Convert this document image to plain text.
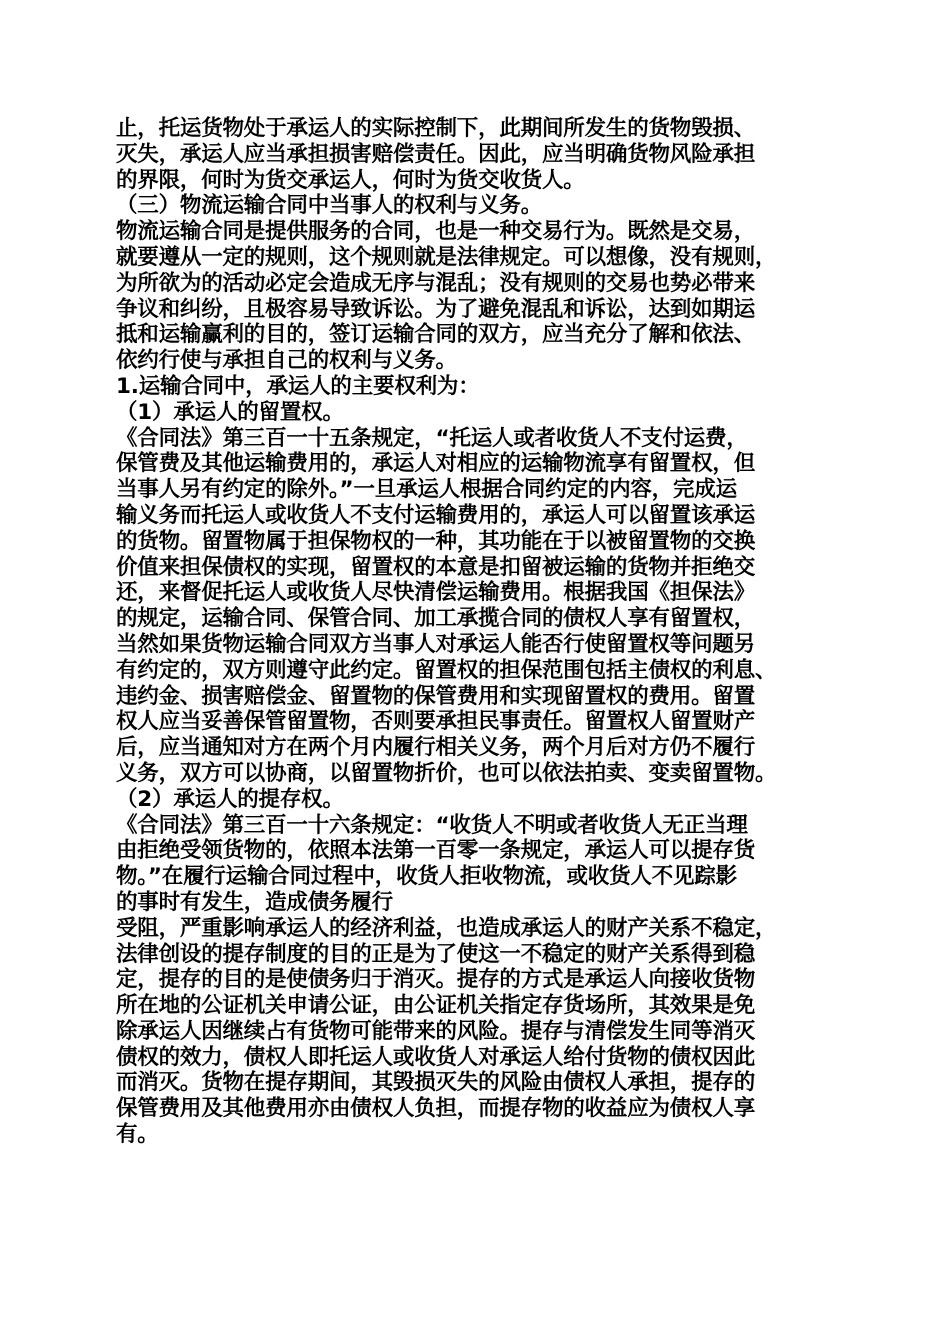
止，托运货物处于承运人的实际控制下，此期间所发生的货物毁损、
灭失，承运人应当承担损害赔偿责任。因此，应当明确货物风险承担
的界限，何时为货交承运人，何时为货交收货人。
（三）物流运输合同中当事人的权利与义务。
物流运输合同是提供服务的合同，也是一种交易行为。既然是交易，
就要遵从一定的规则，这个规则就是法律规定。可以想像，没有规则，
为所欲为的活动必定会造成无序与混乱；没有规则的交易也势必带来
争议和纠纷，且极容易导致诉讼。为了避免混乱和诉讼，达到如期运
抵和运输赢利的目的，签订运输合同的双方，应当充分了解和依法、
依约行使与承担自己的权利与义务。
1.运输合同中，承运人的主要权利为：
（1）承运人的留置权。
《合同法》第三百一十五条规定，“托运人或者收货人不支付运费，
保管费及其他运输费用的，承运人对相应的运输物流享有留置权，但
当事人另有约定的除外。”一旦承运人根据合同约定的内容，完成运
输义务而托运人或收货人不支付运输费用的，承运人可以留置该承运
的货物。留置物属于担保物权的一种，其功能在于以被留置物的交换
价值来担保债权的实现，留置权的本意是扣留被运输的货物并拒绝交
还，来督促托运人或收货人尽快清偿运输费用。根据我国《担保法》
的规定，运输合同、保管合同、加工承揽合同的债权人享有留置权，
当然如果货物运输合同双方当事人对承运人能否行使留置权等问题另
有约定的，双方则遵守此约定。留置权的担保范围包括主债权的利息、
违约金、损害赔偿金、留置物的保管费用和实现留置权的费用。留置
权人应当妥善保管留置物，否则要承担民事责任。留置权人留置财产
后，应当通知对方在两个月内履行相关义务，两个月后对方仍不履行
义务，双方可以协商，以留置物折价，也可以依法拍卖、变卖留置物。
（2）承运人的提存权。
《合同法》第三百一十六条规定：“收货人不明或者收货人无正当理
由拒绝受领货物的，依照本法第一百零一条规定，承运人可以提存货
物。”在履行运输合同过程中，收货人拒收物流，或收货人不见踪影
的事时有发生，造成债务履行
受阻，严重影响承运人的经济利益，也造成承运人的财产关系不稳定，
法律创设的提存制度的目的正是为了使这一不稳定的财产关系得到稳
定，提存的目的是使债务归于消灭。提存的方式是承运人向接收货物
所在地的公证机关申请公证，由公证机关指定存货场所，其效果是免
除承运人因继续占有货物可能带来的风险。提存与清偿发生同等消灭
债权的效力，债权人即托运人或收货人对承运人给付货物的债权因此
而消灭。货物在提存期间，其毁损灭失的风险由债权人承担，提存的
保管费用及其他费用亦由债权人负担，而提存物的收益应为债权人享
有。
